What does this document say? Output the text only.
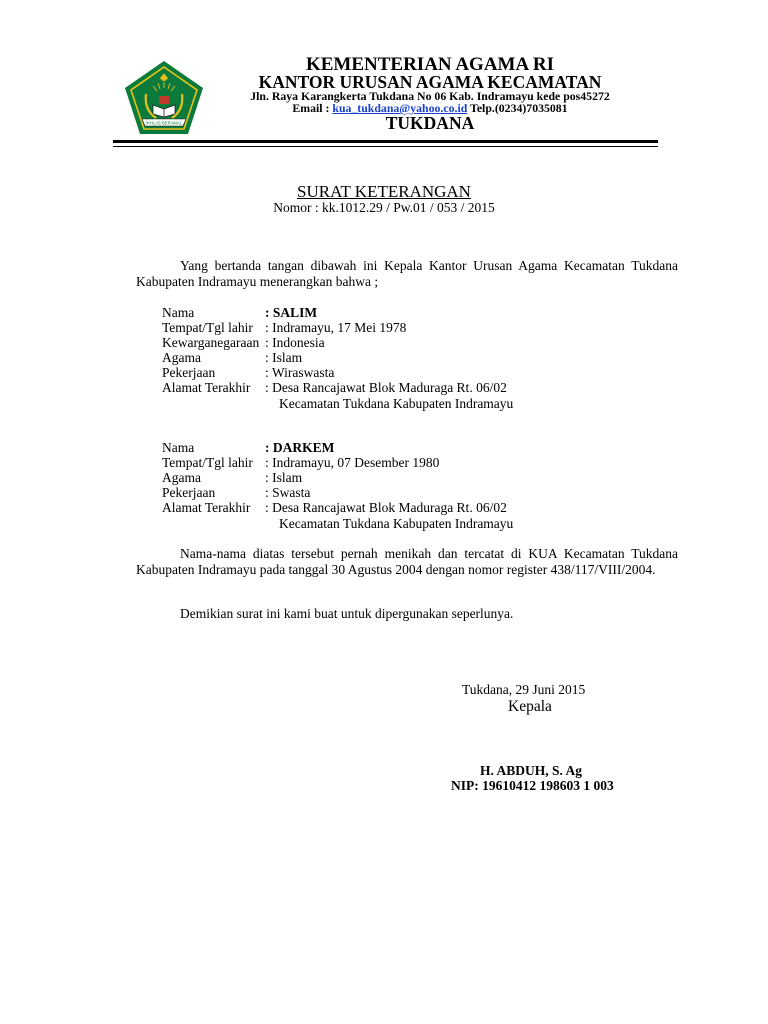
IKHLAS BERAMAL
KEMENTERIAN AGAMA RI
KANTOR URUSAN AGAMA KECAMATAN
Jln. Raya Karangkerta Tukdana No 06 Kab. Indramayu kede pos45272
Email : kua_tukdana@yahoo.co.id Telp.(0234)7035081
TUKDANA
SURAT KETERANGAN
Nomor : kk.1012.29 / Pw.01 / 053 / 2015
Yang bertanda tangan dibawah ini Kepala Kantor Urusan Agama Kecamatan Tukdana Kabupaten Indramayu menerangkan bahwa ;
Nama	: SALIM
Tempat/Tgl lahir : Indramayu, 17 Mei 1978
Kewarganegaraan : Indonesia
Agama	: Islam
Pekerjaan	: Wiraswasta
Alamat Terakhir : Desa Rancajawat Blok Maduraga Rt. 06/02
Kecamatan Tukdana Kabupaten Indramayu
Nama	: DARKEM
Tempat/Tgl lahir : Indramayu, 07 Desember 1980
Agama	: Islam
Pekerjaan	: Swasta
Alamat Terakhir : Desa Rancajawat Blok Maduraga Rt. 06/02
Kecamatan Tukdana Kabupaten Indramayu
Nama-nama diatas tersebut pernah menikah dan tercatat di KUA Kecamatan Tukdana Kabupaten Indramayu pada tanggal 30 Agustus 2004 dengan nomor register 438/117/VIII/2004.
Demikian surat ini kami buat untuk dipergunakan seperlunya.
Tukdana, 29 Juni 2015
Kepala
H. ABDUH, S. Ag
NIP: 19610412 198603 1 003
